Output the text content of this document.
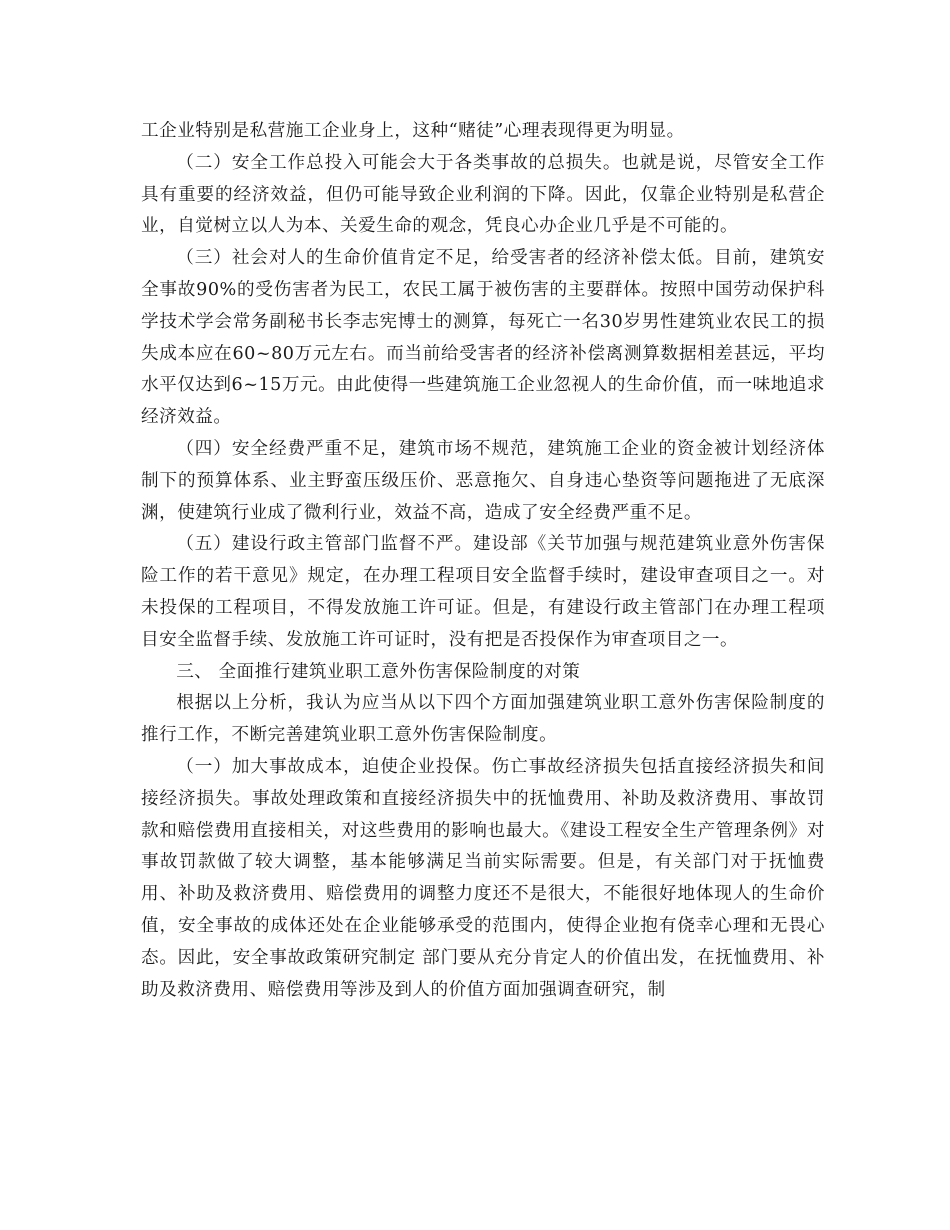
工企业特别是私营施工企业身上，这种“赌徒”心理表现得更为明显。

（二）安全工作总投入可能会大于各类事故的总损失。也就是说，尽管安全工作具有重要的经济效益，但仍可能导致企业利润的下降。因此，仅靠企业特别是私营企业，自觉树立以人为本、关爱生命的观念，凭良心办企业几乎是不可能的。

（三）社会对人的生命价值肯定不足，给受害者的经济补偿太低。目前，建筑安全事故90%的受伤害者为民工，农民工属于被伤害的主要群体。按照中国劳动保护科学技术学会常务副秘书长李志宪博士的测算，每死亡一名30岁男性建筑业农民工的损失成本应在60~80万元左右。而当前给受害者的经济补偿离测算数据相差甚远，平均水平仅达到6~15万元。由此使得一些建筑施工企业忽视人的生命价值，而一味地追求经济效益。

（四）安全经费严重不足，建筑市场不规范，建筑施工企业的资金被计划经济体制下的预算体系、业主野蛮压级压价、恶意拖欠、自身违心垫资等问题拖进了无底深渊，使建筑行业成了微利行业，效益不高，造成了安全经费严重不足。

（五）建设行政主管部门监督不严。建设部《关节加强与规范建筑业意外伤害保险工作的若干意见》规定，在办理工程项目安全监督手续时，建设审查项目之一。对未投保的工程项目，不得发放施工许可证。但是，有建设行政主管部门在办理工程项目安全监督手续、发放施工许可证时，没有把是否投保作为审查项目之一。

三、 全面推行建筑业职工意外伤害保险制度的对策

根据以上分析，我认为应当从以下四个方面加强建筑业职工意外伤害保险制度的推行工作，不断完善建筑业职工意外伤害保险制度。

（一）加大事故成本，迫使企业投保。伤亡事故经济损失包括直接经济损失和间接经济损失。事故处理政策和直接经济损失中的抚恤费用、补助及救济费用、事故罚款和赔偿费用直接相关，对这些费用的影响也最大。《建设工程安全生产管理条例》对事故罚款做了较大调整，基本能够满足当前实际需要。但是，有关部门对于抚恤费用、补助及救济费用、赔偿费用的调整力度还不是很大，不能很好地体现人的生命价值，安全事故的成体还处在企业能够承受的范围内，使得企业抱有侥幸心理和无畏心态。因此，安全事故政策研究制定 部门要从充分肯定人的价值出发，在抚恤费用、补助及救济费用、赔偿费用等涉及到人的价值方面加强调查研究，制
